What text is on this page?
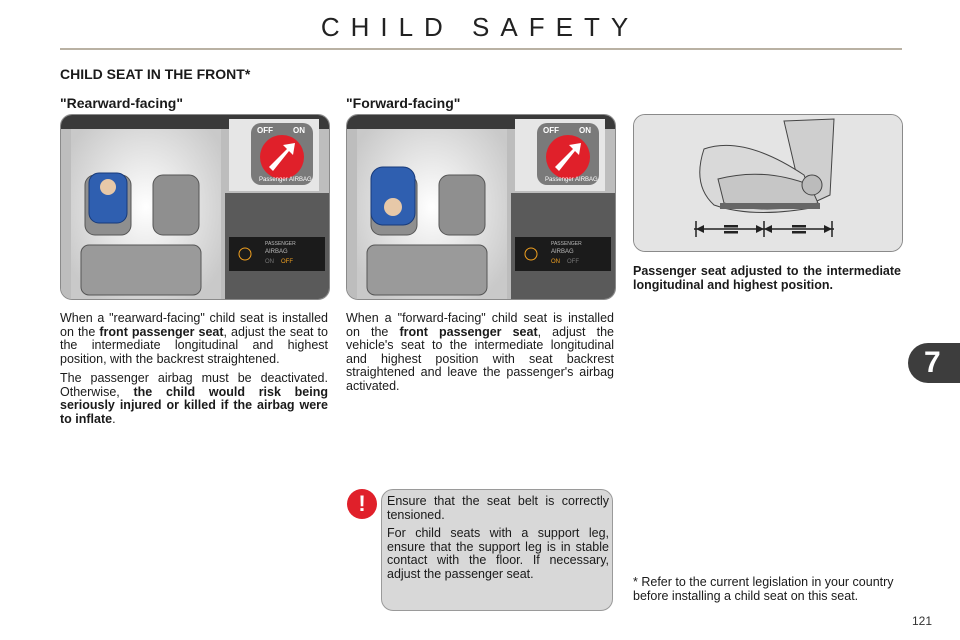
CHILD SAFETY
CHILD SEAT IN THE FRONT*
"Rearward-facing"	"Forward-facing"
OFF	ON
Passenger AIRBAG
PASSENGER
AIRBAG
ON OFF
OFF	ON
Passenger AIRBAG
PASSENGER
AIRBAG
ON OFF

When a "rearward-facing" child seat is installed on the front passenger seat, adjust the seat to the intermediate longitudinal and highest position, with the backrest straightened.

The passenger airbag must be deactivated. Otherwise, the child would risk being seriously injured or killed if the airbag were to inflate.

When a "forward-facing" child seat is installed on the front passenger seat, adjust the vehicle's seat to the intermediate longitudinal and highest position with seat backrest straightened and leave the passenger's airbag activated.

Passenger seat adjusted to the intermediate longitudinal and highest position.
!	Ensure that the seat belt is correctly tensioned.

For child seats with a support leg, ensure that the support leg is in stable contact with the floor. If necessary, adjust the passenger seat.

* Refer to the current legislation in your country before installing a child seat on this seat.
7
121
